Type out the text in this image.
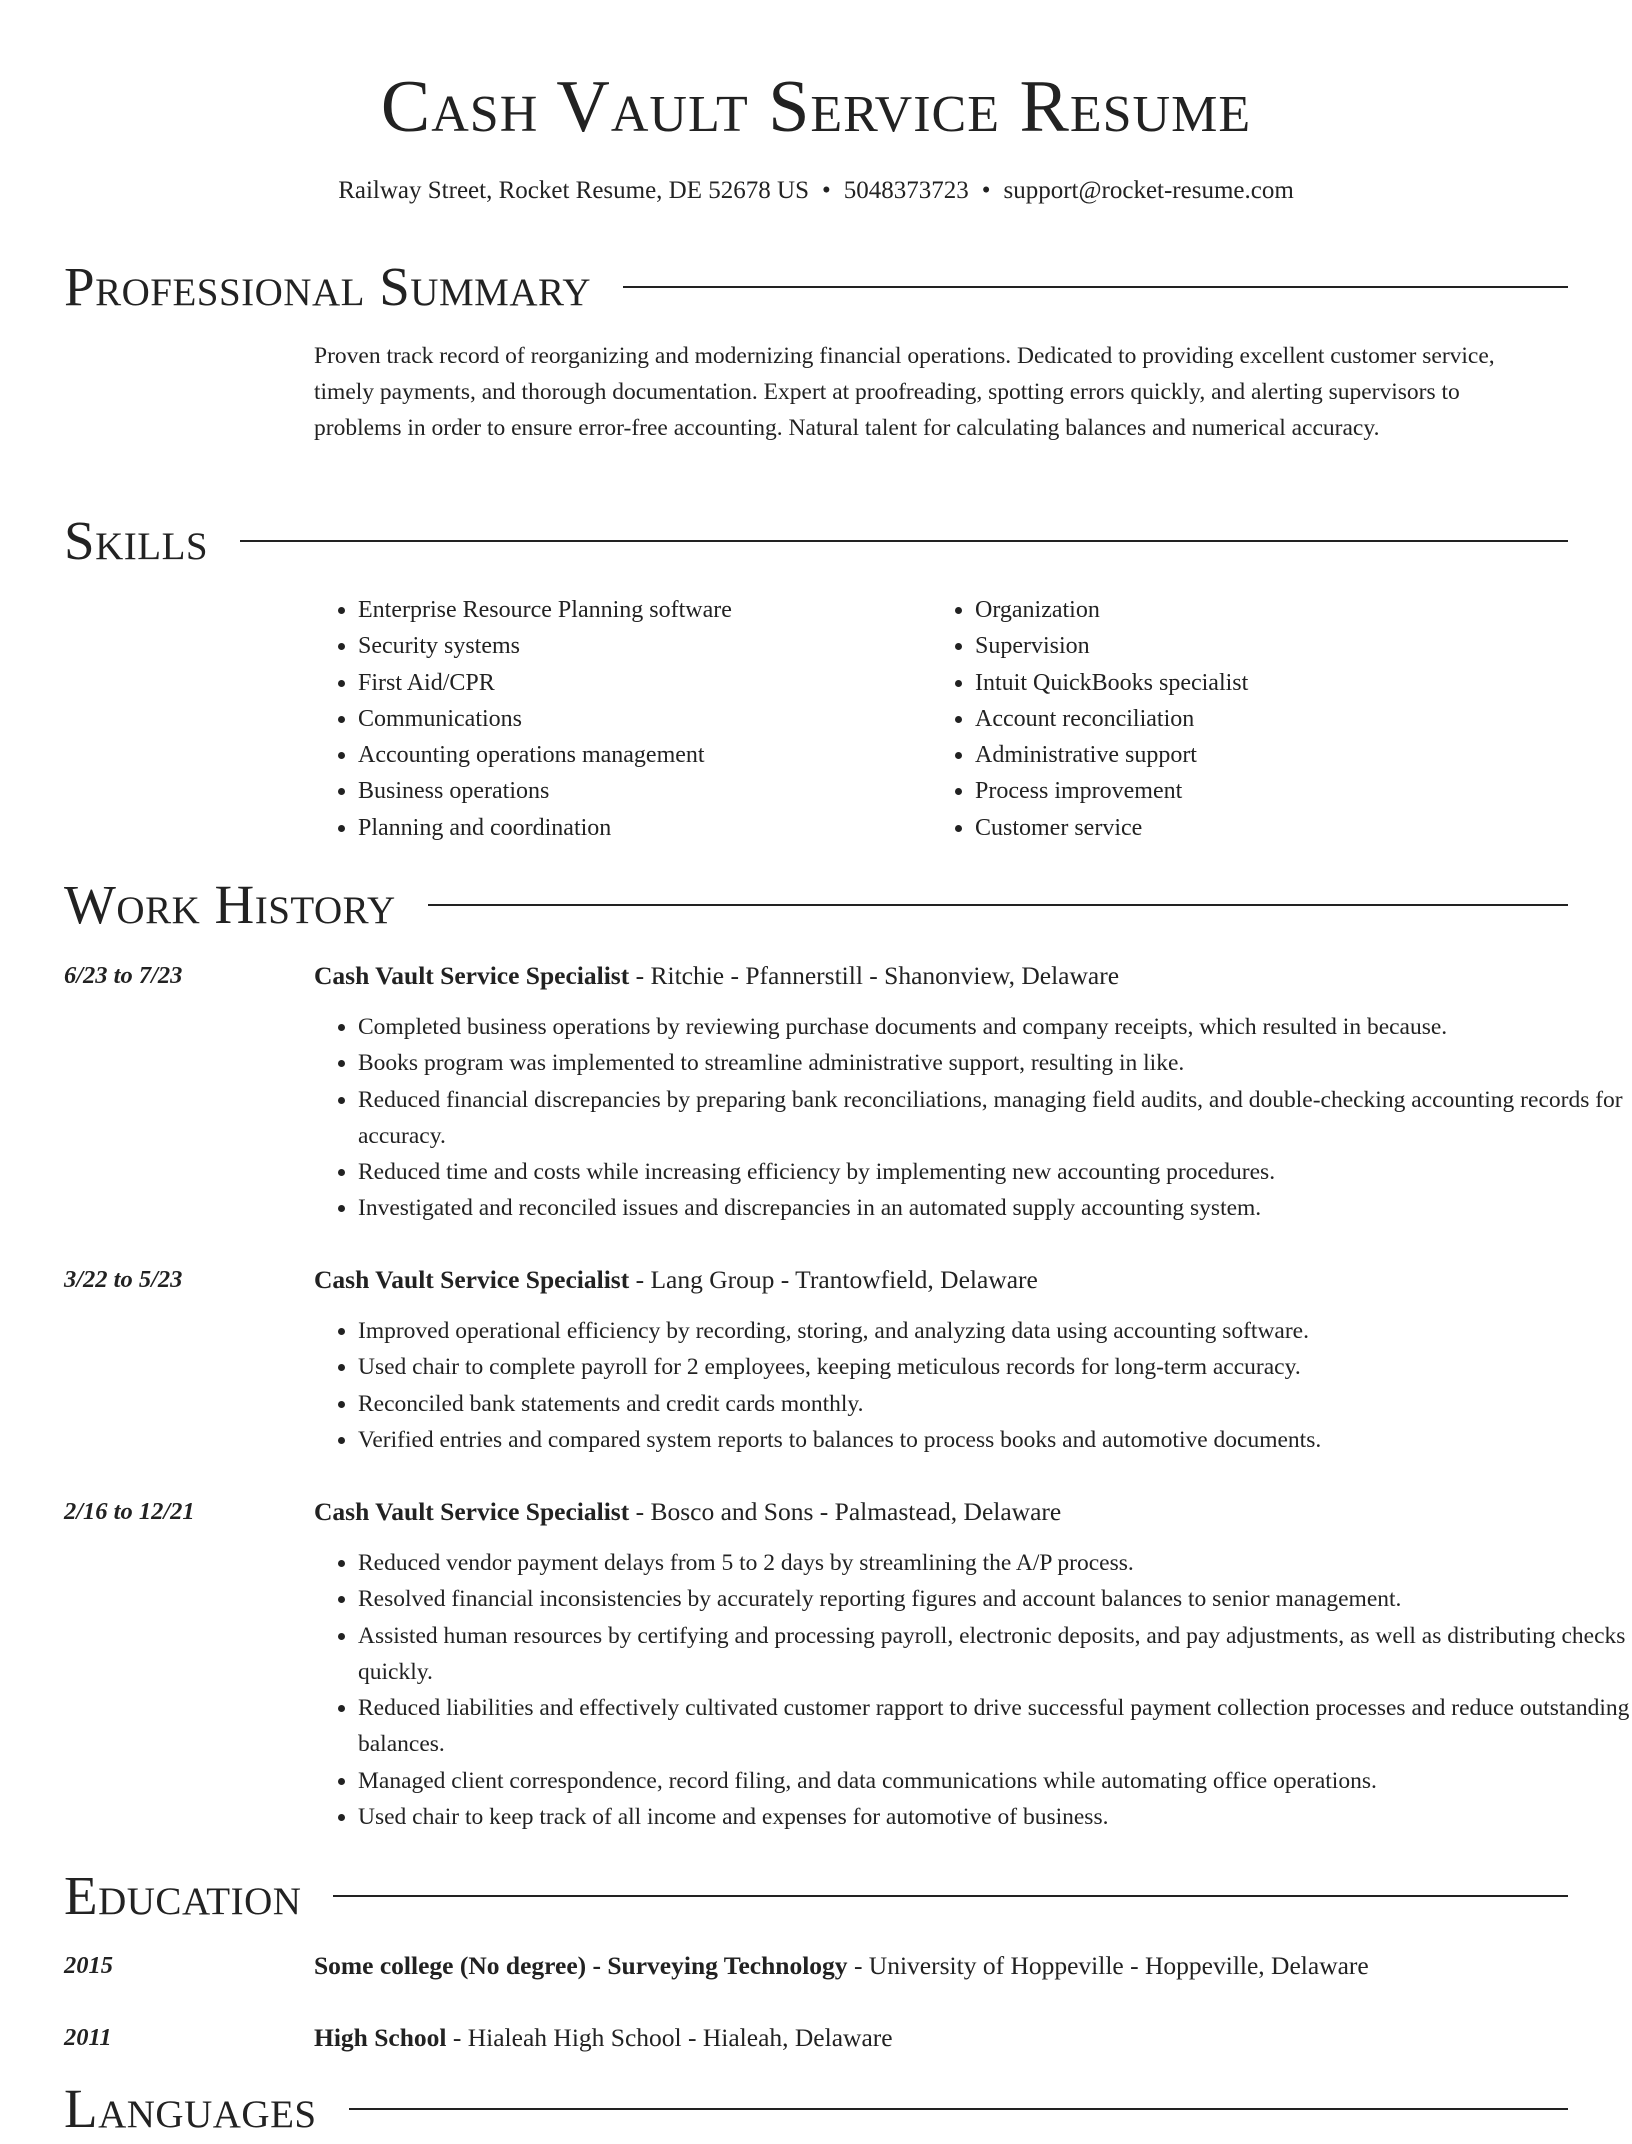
Cash Vault Service Resume
Railway Street, Rocket Resume, DE 52678 US • 5048373723 • support@rocket-resume.com
Professional Summary

Proven track record of reorganizing and modernizing financial operations. Dedicated to providing excellent customer service, timely payments, and thorough documentation. Expert at proofreading, spotting errors quickly, and alerting supervisors to problems in order to ensure error-free accounting. Natural talent for calculating balances and numerical accuracy.

Skills
• Enterprise Resource Planning software
• Security systems
• First Aid/CPR
• Communications
• Accounting operations management
• Business operations
• Planning and coordination
• Organization
• Supervision
• Intuit QuickBooks specialist
• Account reconciliation
• Administrative support
• Process improvement
• Customer service
Work History
6/23 to 7/23	Cash Vault Service Specialist - Ritchie - Pfannerstill - Shanonview, Delaware
• Completed business operations by reviewing purchase documents and company receipts, which resulted in because.
• Books program was implemented to streamline administrative support, resulting in like.
• Reduced financial discrepancies by preparing bank reconciliations, managing field audits, and double-checking accounting records for accuracy.
• Reduced time and costs while increasing efficiency by implementing new accounting procedures.
• Investigated and reconciled issues and discrepancies in an automated supply accounting system.
3/22 to 5/23	Cash Vault Service Specialist - Lang Group - Trantowfield, Delaware
• Improved operational efficiency by recording, storing, and analyzing data using accounting software.
• Used chair to complete payroll for 2 employees, keeping meticulous records for long-term accuracy.
• Reconciled bank statements and credit cards monthly.
• Verified entries and compared system reports to balances to process books and automotive documents.
2/16 to 12/21	Cash Vault Service Specialist - Bosco and Sons - Palmastead, Delaware
• Reduced vendor payment delays from 5 to 2 days by streamlining the A/P process.
• Resolved financial inconsistencies by accurately reporting figures and account balances to senior management.
• Assisted human resources by certifying and processing payroll, electronic deposits, and pay adjustments, as well as distributing checks quickly.
• Reduced liabilities and effectively cultivated customer rapport to drive successful payment collection processes and reduce outstanding balances.
• Managed client correspondence, record filing, and data communications while automating office operations.
• Used chair to keep track of all income and expenses for automotive of business.
Education
2015	Some college (No degree) - Surveying Technology - University of Hoppeville - Hoppeville, Delaware
2011	High School - Hialeah High School - Hialeah, Delaware
Languages
